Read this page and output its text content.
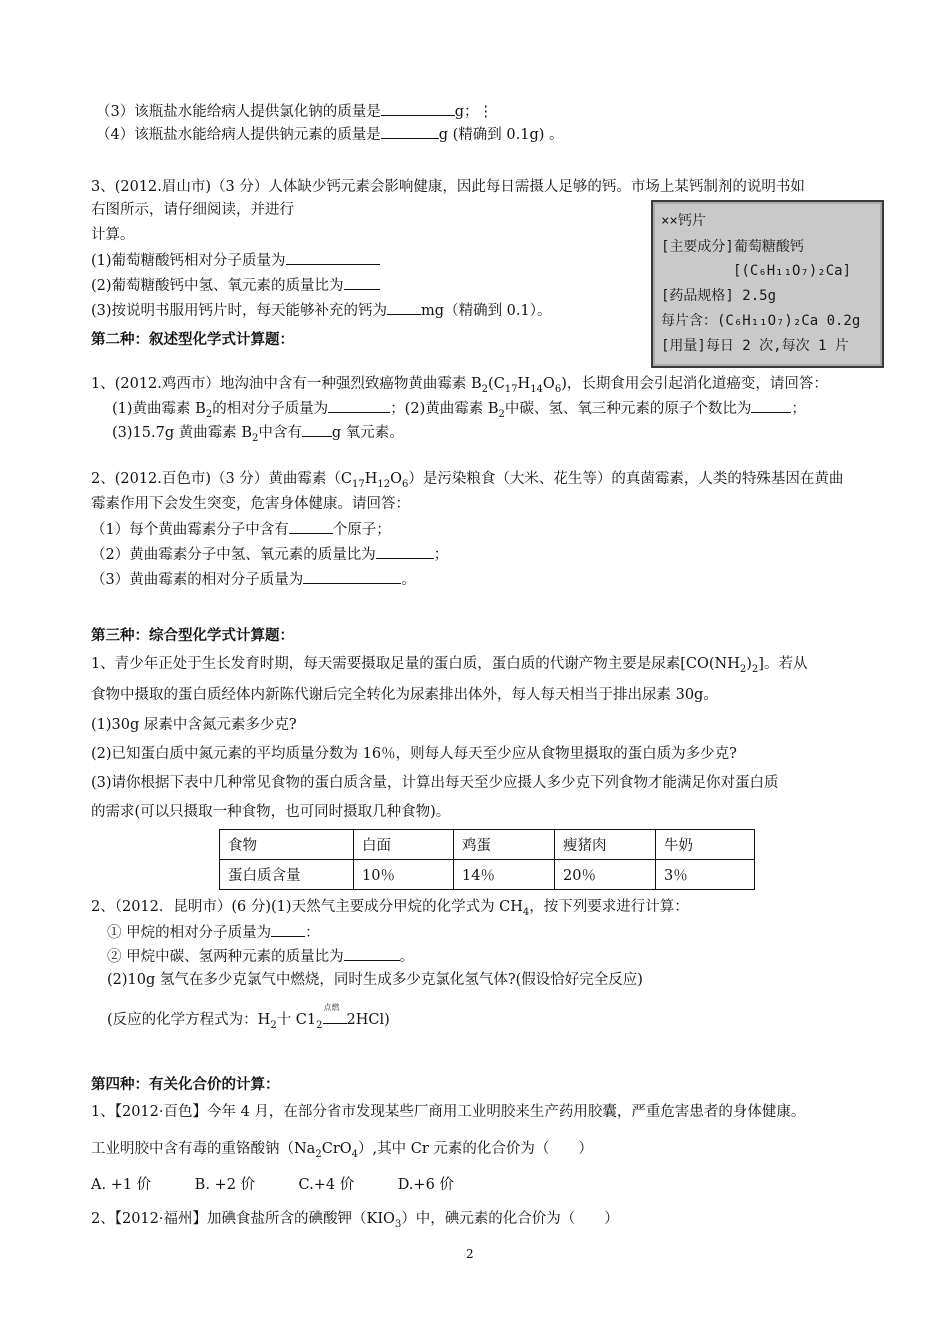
（3）该瓶盐水能给病人提供氯化钠的质量是	g；⋮
（4）该瓶盐水能给病人提供钠元素的质量是	g (精确到 0.1g) 。
3、(2012.眉山市)（3 分）人体缺少钙元素会影响健康，因此每日需摄人足够的钙。市场上某钙制剂的说明书如
右图所示，请仔细阅读，并进行
计算。
(1)葡萄糖酸钙相对分子质量为
(2)葡萄糖酸钙中氢、氧元素的质量比为
(3)按说明书服用钙片时，每天能够补充的钙为 mg（精确到 0.1）。
××钙片
[主要成分]葡萄糖酸钙
[(C₆H₁₁O₇)₂Ca]
[药品规格] 2.5g
每片含：(C₆H₁₁O₇)₂Ca 0.2g
[用量]每日 2 次,每次 1 片
第二种：叙述型化学式计算题：
1、(2012.鸡西市）地沟油中含有一种强烈致癌物黄曲霉素 $B_2(C_{17}H_{14}O_6)$，长期食用会引起消化道癌变，请回答：
(1)黄曲霉素 $B_2$的相对分子质量为	；(2)黄曲霉素 $B_2$中碳、氢、氧三种元素的原子个数比为	；
(3)15.7g 黄曲霉素 $B_2$中含有 g 氧元素。
2、(2012.百色市)（3 分）黄曲霉素$(C_{17}H_{12}O_6)$是污染粮食（大米、花生等）的真菌霉素，人类的特殊基因在黄曲
霉素作用下会发生突变，危害身体健康。请回答：
（1）每个黄曲霉素分子中含有	个原子；
（2）黄曲霉素分子中氢、氧元素的质量比为	；
（3）黄曲霉素的相对分子质量为	。
第三种：综合型化学式计算题：
1、青少年正处于生长发育时期，每天需要摄取足量的蛋白质，蛋白质的代谢产物主要是尿素$[CO(NH_2)_2]$。若从
食物中摄取的蛋白质经体内新陈代谢后完全转化为尿素排出体外，每人每天相当于排出尿素 30g。
(1)30g 尿素中含氮元素多少克?
(2)已知蛋白质中氮元素的平均质量分数为 16％，则每人每天至少应从食物里摄取的蛋白质为多少克?
(3)请你根据下表中几种常见食物的蛋白质含量，计算出每天至少应摄人多少克下列食物才能满足你对蛋白质
的需求(可以只摄取一种食物，也可同时摄取几种食物)。
食物	白面	鸡蛋	瘦猪肉	牛奶
蛋白质含量	10％	14％	20％	3％
2、（2012．昆明市）(6 分)(1)天然气主要成分甲烷的化学式为 $CH_4$，按下列要求进行计算：
① 甲烷的相对分子质量为 ：
② 甲烷中碳、氢两种元素的质量比为	。
(2)10g 氢气在多少克氯气中燃烧，同时生成多少克氯化氢气体?(假设恰好完全反应)
(反应的化学方程式为：$H_2$十 $C1_2$
点燃
2HCl)
第四种：有关化合价的计算：
1、【2012·百色】今年 4 月，在部分省市发现某些厂商用工业明胶来生产药用胶囊，严重危害患者的身体健康。
工业明胶中含有毒的重铬酸钠$(Na_2CrO_4)$,其中 Cr 元素的化合价为（　　）
A. +1 价　　　B. +2 价　　　C.+4 价　　　D.+6 价
2、【2012·福州】加碘食盐所含的碘酸钾$(KIO_3)$中，碘元素的化合价为（　　）
2
